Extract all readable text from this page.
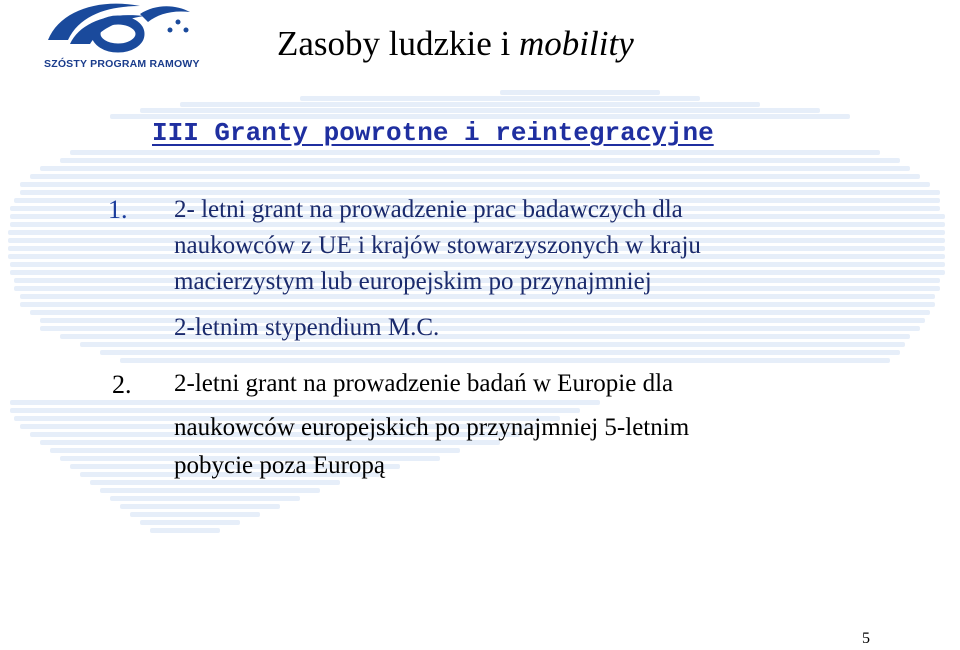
SZÓSTY PROGRAM RAMOWY
Zasoby ludzkie i mobility
III Granty powrotne i reintegracyjne
1. 2- letni grant na prowadzenie prac badawczych dla
naukowców z UE i krajów stowarzyszonych w kraju
macierzystym lub europejskim po przynajmniej
2-letnim stypendium M.C.
2. 2-letni grant na prowadzenie badań w Europie dla
naukowców europejskich po przynajmniej 5-letnim
pobycie poza Europą
5
